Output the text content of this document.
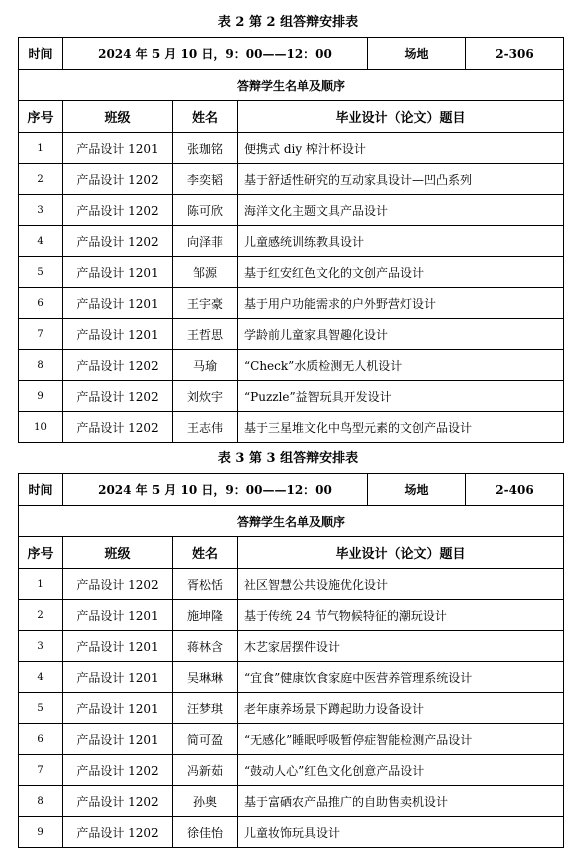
表 2 第 2 组答辩安排表
时间	2024 年 5 月 10 日，9：00——12：00			场地	2-306
答辩学生名单及顺序					
序号	班级	姓名	毕业设计（论文）题目		
1	产品设计 1201	张珈铭	便携式 diy 榨汁杯设计		
2	产品设计 1202	李奕韬	基于舒适性研究的互动家具设计—凹凸系列		
3	产品设计 1202	陈可欣	海洋文化主题文具产品设计		
4	产品设计 1202	向泽菲	儿童感统训练教具设计		
5	产品设计 1201	邹源	基于红安红色文化的文创产品设计		
6	产品设计 1201	王宇豪	基于用户功能需求的户外野营灯设计		
7	产品设计 1201	王哲思	学龄前儿童家具智趣化设计		
8	产品设计 1202	马瑜	“Check”水质检测无人机设计		
9	产品设计 1202	刘炊宇	“Puzzle”益智玩具开发设计		
10	产品设计 1202	王志伟	基于三星堆文化中鸟型元素的文创产品设计		
表 3 第 3 组答辩安排表
时间	2024 年 5 月 10 日，9：00——12：00			场地	2-406
答辩学生名单及顺序					
序号	班级	姓名	毕业设计（论文）题目		
1	产品设计 1202	胥松恬	社区智慧公共设施优化设计		
2	产品设计 1201	施坤隆	基于传统 24 节气物候特征的潮玩设计		
3	产品设计 1201	蒋林含	木艺家居摆件设计		
4	产品设计 1201	吴琳琳	“宜食”健康饮食家庭中医营养管理系统设计		
5	产品设计 1201	汪梦琪	老年康养场景下蹲起助力设备设计		
6	产品设计 1201	简可盈	“无感化”睡眠呼吸暂停症智能检测产品设计		
7	产品设计 1202	冯新茹	“鼓动人心”红色文化创意产品设计		
8	产品设计 1202	孙奥	基于富硒农产品推广的自助售卖机设计		
9	产品设计 1202	徐佳怡	儿童妆饰玩具设计		
